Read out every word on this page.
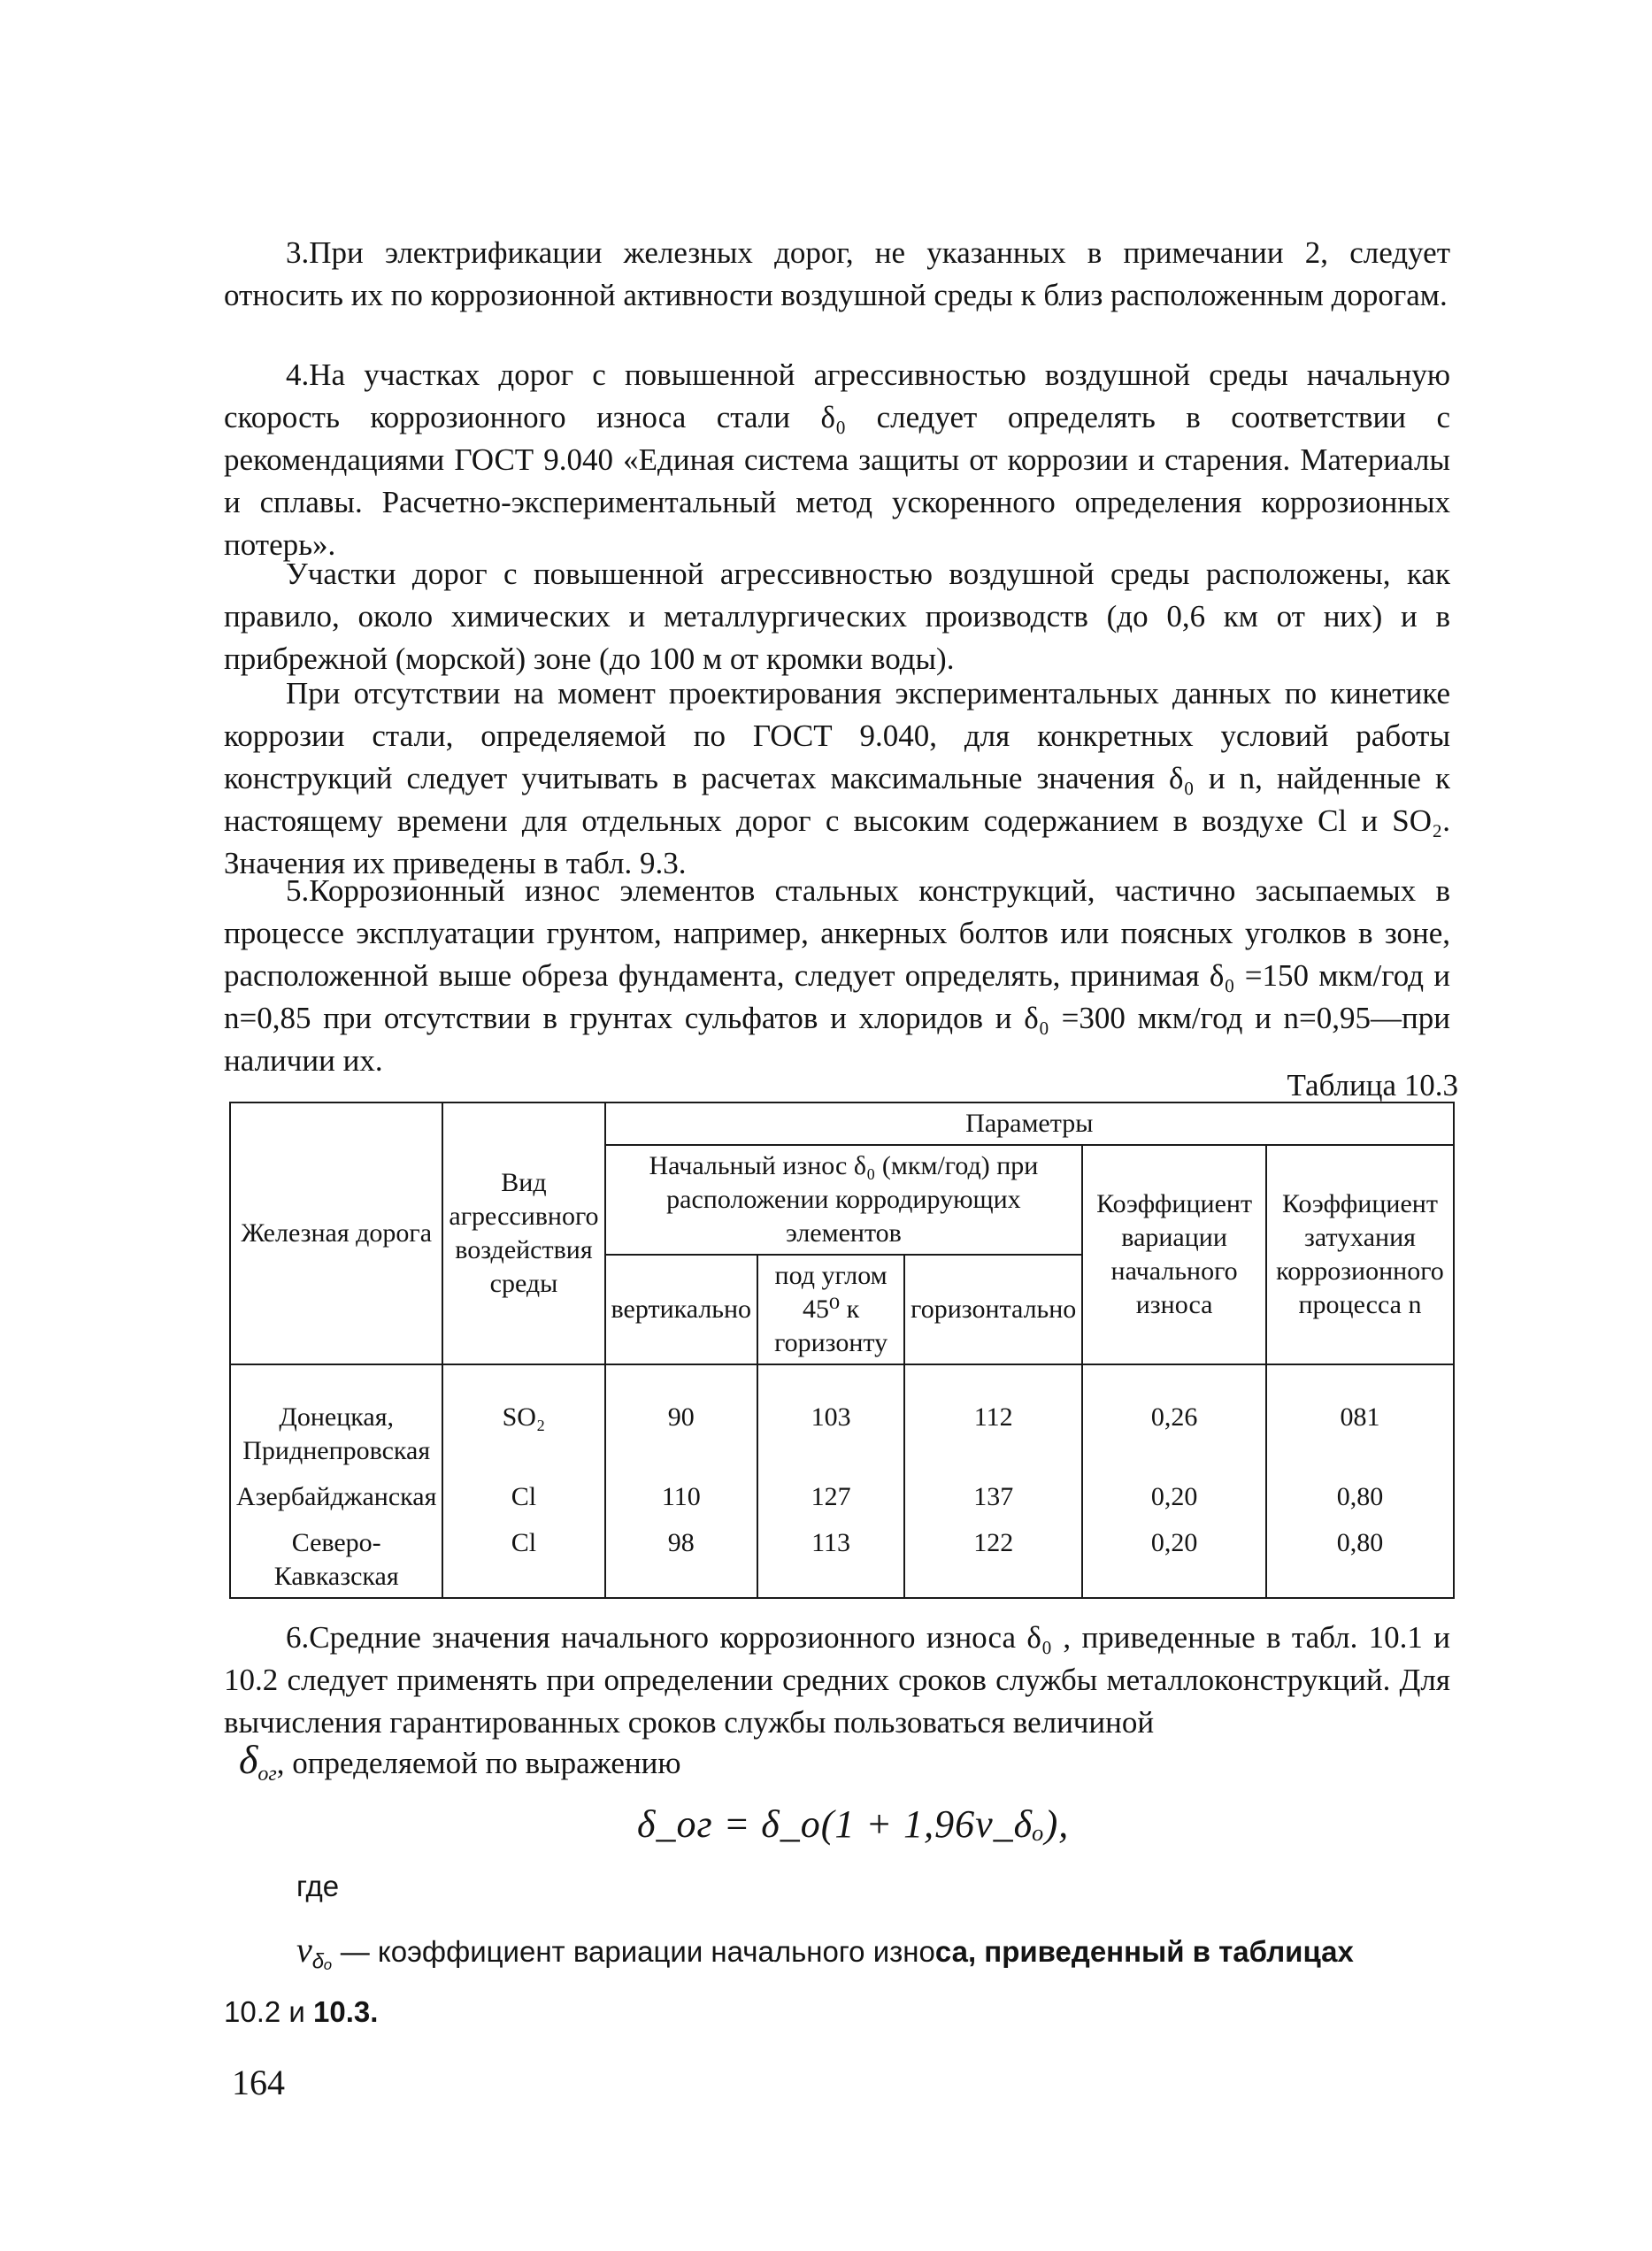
3.При электрификации железных дорог, не указанных в примечании 2, следует относить их по коррозионной активности воздушной среды к близ расположенным дорогам.

4.На участках дорог с повышенной агрессивностью воздушной среды начальную скорость коррозионного износа стали δ₀ следует определять в соответствии с рекомендациями ГОСТ 9.040 «Единая система защиты от коррозии и старения. Материалы и сплавы. Расчетно-экспериментальный метод ускоренного определения коррозионных потерь».

Участки дорог с повышенной агрессивностью воздушной среды расположены, как правило, около химических и металлургических производств (до 0,6 км от них) и в прибрежной (морской) зоне (до 100 м от кромки воды).

При отсутствии на момент проектирования экспериментальных данных по кинетике коррозии стали, определяемой по ГОСТ 9.040, для конкретных условий работы конструкций следует учитывать в расчетах максимальные значения δ₀ и n, найденные к настоящему времени для отдельных дорог с высоким содержанием в воздухе Cl и SO₂. Значения их приведены в табл. 9.3.

5.Коррозионный износ элементов стальных конструкций, частично засыпаемых в процессе эксплуатации грунтом, например, анкерных болтов или поясных уголков в зоне, расположенной выше обреза фундамента, следует определять, принимая δ₀ =150 мкм/год и n=0,85 при отсутствии в грунтах сульфатов и хлоридов и δ₀ =300 мкм/год и n=0,95—при наличии их.

Таблица 10.3

Железная дорога	Вид агрессивного воздействия среды	Параметры				
		Начальный износ δ₀ (мкм/год) при расположении корродирующих элементов			Коэффициент вариации начального износа	Коэффициент затухания коррозионного процесса n
		вертикально	под углом 45⁰ к горизонту	горизонтально		
Донецкая, Приднепровская	SO₂	90	103	112	0,26	081
Азербайджанская	Cl	110	127	137	0,20	0,80
Северо-Кавказская	Cl	98	113	122	0,20	0,80

6.Средние значения начального коррозионного износа δ₀ , приведенные в табл. 10.1 и 10.2 следует применять при определении средних сроков службы металлоконструкций. Для вычисления гарантированных сроков службы пользоваться величиной

$\delta_{ог}$, определяемой по выражению

δ_ог = δ_о(1 + 1,96v_δₒ),

где

$v_{\delta_o}$ — коэффициент вариации начального износа, приведенный в таблицах
10.2 и 10.3.

164
